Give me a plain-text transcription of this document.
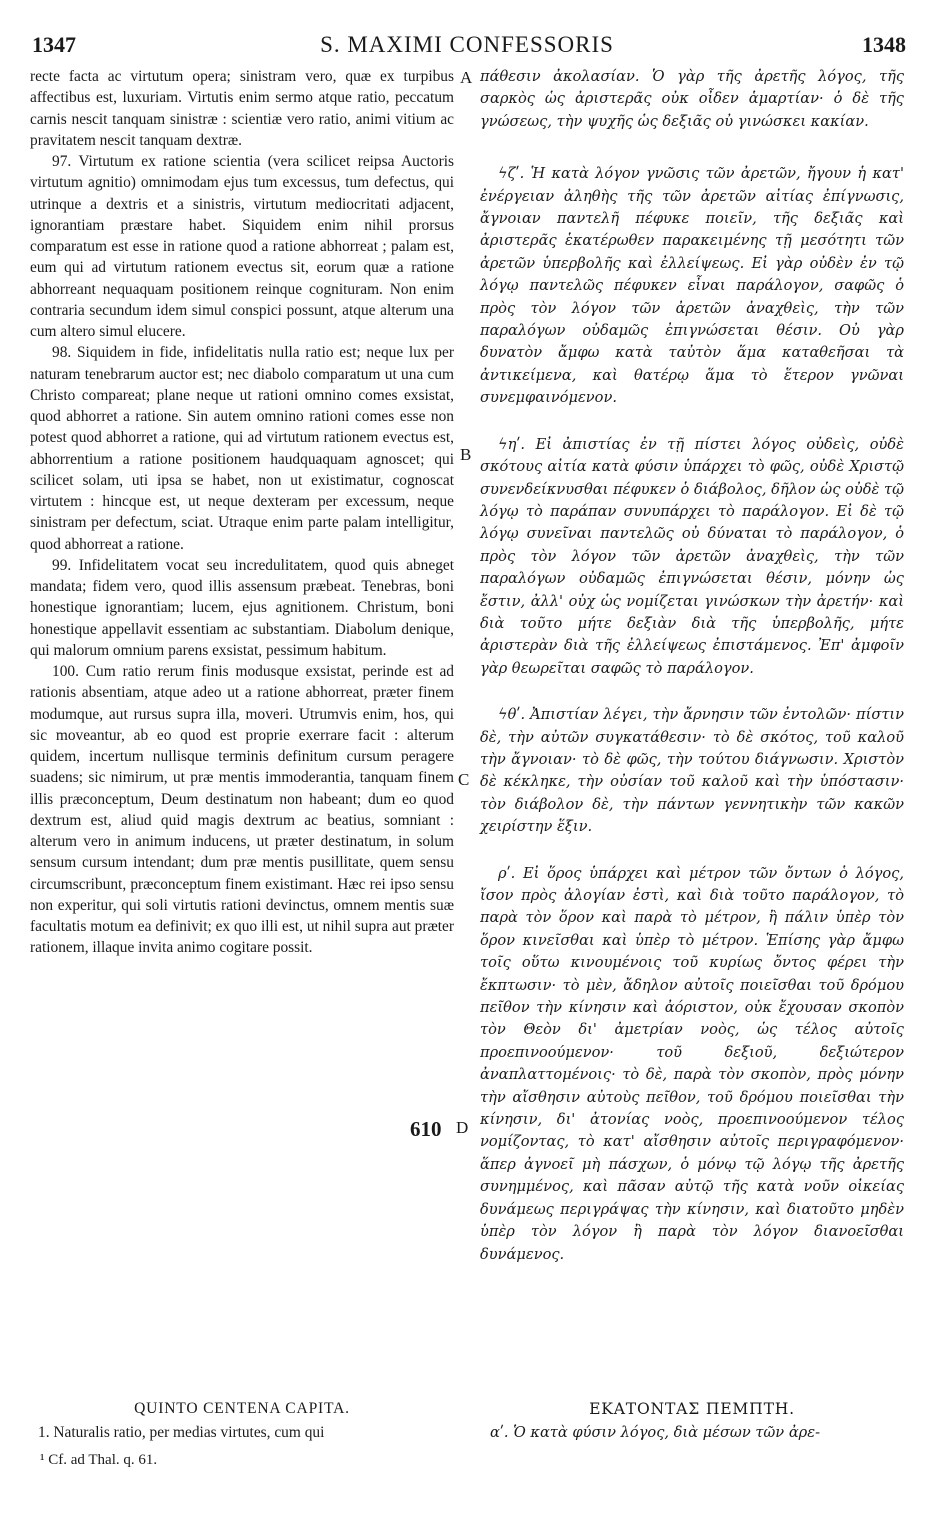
1347	S. MAXIMI CONFESSORIS	1348

recte facta ac virtutum opera; sinistram vero, quæ ex turpibus affectibus est, luxuriam. Virtutis enim sermo atque ratio, peccatum carnis nescit tanquam sinistræ : scientiæ vero ratio, animi vitium ac pravitatem nescit tanquam dextræ.

97. Virtutum ex ratione scientia (vera scilicet reipsa Auctoris virtutum agnitio) omnimodam ejus tum excessus, tum defectus, qui utrinque a dextris et a sinistris, virtutum mediocritati adjacent, ignorantiam præstare habet. Siquidem enim nihil prorsus comparatum est esse in ratione quod a ratione abhorreat ; palam est, eum qui ad virtutum rationem evectus sit, eorum quæ a ratione abhorreant nequaquam positionem reinque cognituram. Non enim contraria secundum idem simul conspici possunt, atque alterum una cum altero simul elucere.

98. Siquidem in fide, infidelitatis nulla ratio est; neque lux per naturam tenebrarum auctor est; nec diabolo comparatum ut una cum Christo compareat; plane neque ut rationi omnino comes exsistat, quod abhorret a ratione. Sin autem omnino rationi comes esse non potest quod abhorret a ratione, qui ad virtutum rationem evectus est, abhorrentium a ratione positionem haudquaquam agnoscet; qui scilicet solam, uti ipsa se habet, non ut existimatur, cognoscat virtutem : hincque est, ut neque dexteram per excessum, neque sinistram per defectum, sciat. Utraque enim parte palam intelligitur, quod abhorreat a ratione.

99. Infidelitatem vocat seu incredulitatem, quod quis abneget mandata; fidem vero, quod illis assensum præbeat. Tenebras, boni honestique ignorantiam; lucem, ejus agnitionem. Christum, boni honestique appellavit essentiam ac substantiam. Diabolum denique, qui malorum omnium parens exsistat, pessimum habitum.

100. Cum ratio rerum finis modusque exsistat, perinde est ad rationis absentiam, atque adeo ut a ratione abhorreat, præter finem modumque, aut rursus supra illa, moveri. Utrumvis enim, hos, qui sic moveantur, ab eo quod est proprie exerrare facit : alterum quidem, incertum nullisque terminis definitum cursum peragere suadens; sic nimirum, ut præ mentis immoderantia, tanquam finem illis præconceptum, Deum destinatum non habeant; dum eo quod dextrum est, aliud quid magis dextrum ac beatius, somniant : alterum vero in animum inducens, ut præter destinatum, in solum sensum cursum intendant; dum præ mentis pusillitate, quem sensu circumscribunt, præconceptum finem existimant. Hæc rei ipso sensu non experitur, qui soli virtutis rationi devinctus, omnem mentis suæ facultatis motum ea definivit; ex quo illi est, ut nihil supra aut præter rationem, illaque invita animo cogitare possit.

πάθεσιν ἀκολασίαν. Ὁ γὰρ τῆς ἀρετῆς λόγος, τῆς σαρκὸς ὡς ἀριστερᾶς οὐκ οἶδεν ἁμαρτίαν· ὁ δὲ τῆς γνώσεως, τὴν ψυχῆς ὡς δεξιᾶς οὐ γινώσκει κακίαν.

ϟζʹ. Ἡ κατὰ λόγον γνῶσις τῶν ἀρετῶν, ἤγουν ἡ κατ' ἐνέργειαν ἀληθὴς τῆς τῶν ἀρετῶν αἰτίας ἐπίγνωσις, ἄγνοιαν παντελῆ πέφυκε ποιεῖν, τῆς δεξιᾶς καὶ ἀριστερᾶς ἑκατέρωθεν παρακειμένης τῇ μεσότητι τῶν ἀρετῶν ὑπερβολῆς καὶ ἐλλείψεως. Εἰ γὰρ οὐδὲν ἐν τῷ λόγῳ παντελῶς πέφυκεν εἶναι παράλογον, σαφῶς ὁ πρὸς τὸν λόγον τῶν ἀρετῶν ἀναχθεὶς, τὴν τῶν παραλόγων οὐδαμῶς ἐπιγνώσεται θέσιν. Οὐ γὰρ δυνατὸν ἄμφω κατὰ ταὐτὸν ἅμα καταθεῆσαι τὰ ἀντικείμενα, καὶ θατέρῳ ἅμα τὸ ἕτερον γνῶναι συνεμφαινόμενον.

ϟηʹ. Εἰ ἀπιστίας ἐν τῇ πίστει λόγος οὐδεὶς, οὐδὲ σκότους αἰτία κατὰ φύσιν ὑπάρχει τὸ φῶς, οὐδὲ Χριστῷ συνενδείκνυσθαι πέφυκεν ὁ διάβολος, δῆλον ὡς οὐδὲ τῷ λόγῳ τὸ παράπαν συνυπάρχει τὸ παράλογον. Εἰ δὲ τῷ λόγῳ συνεῖναι παντελῶς οὐ δύναται τὸ παράλογον, ὁ πρὸς τὸν λόγον τῶν ἀρετῶν ἀναχθεὶς, τὴν τῶν παραλόγων οὐδαμῶς ἐπιγνώσεται θέσιν, μόνην ὡς ἔστιν, ἀλλ' οὐχ ὡς νομίζεται γινώσκων τὴν ἀρετήν· καὶ διὰ τοῦτο μήτε δεξιὰν διὰ τῆς ὑπερβολῆς, μήτε ἀριστερὰν διὰ τῆς ἐλλείψεως ἐπιστάμενος. Ἐπ' ἀμφοῖν γὰρ θεωρεῖται σαφῶς τὸ παράλογον.

ϟθʹ. Ἀπιστίαν λέγει, τὴν ἄρνησιν τῶν ἐντολῶν· πίστιν δὲ, τὴν αὐτῶν συγκατάθεσιν· τὸ δὲ σκότος, τοῦ καλοῦ τὴν ἄγνοιαν· τὸ δὲ φῶς, τὴν τούτου διάγνωσιν. Χριστὸν δὲ κέκληκε, τὴν οὐσίαν τοῦ καλοῦ καὶ τὴν ὑπόστασιν· τὸν διάβολον δὲ, τὴν πάντων γεννητικὴν τῶν κακῶν χειρίστην ἕξιν.

ρʹ. Εἰ ὅρος ὑπάρχει καὶ μέτρον τῶν ὄντων ὁ λόγος, ἴσον πρὸς ἀλογίαν ἐστὶ, καὶ διὰ τοῦτο παράλογον, τὸ παρὰ τὸν ὅρον καὶ παρὰ τὸ μέτρον, ἢ πάλιν ὑπὲρ τὸν ὅρον κινεῖσθαι καὶ ὑπὲρ τὸ μέτρον. Ἑπίσης γὰρ ἄμφω τοῖς οὕτω κινουμένοις τοῦ κυρίως ὄντος φέρει τὴν ἔκπτωσιν· τὸ μὲν, ἄδηλον αὐτοῖς ποιεῖσθαι τοῦ δρόμου πεῖθον τὴν κίνησιν καὶ ἀόριστον, οὐκ ἔχουσαν σκοπὸν τὸν Θεὸν δι' ἀμετρίαν νοὸς, ὡς τέλος αὐτοῖς προεπινοούμενον· τοῦ δεξιοῦ, δεξιώτερον ἀναπλαττομένοις· τὸ δὲ, παρὰ τὸν σκοπὸν, πρὸς μόνην τὴν αἴσθησιν αὐτοὺς πεῖθον, τοῦ δρόμου ποιεῖσθαι τὴν κίνησιν, δι' ἀτονίας νοὸς, προεπινοούμενον τέλος νομίζοντας, τὸ κατ' αἴσθησιν αὐτοῖς περιγραφόμενον· ἅπερ ἀγνοεῖ μὴ πάσχων, ὁ μόνῳ τῷ λόγῳ τῆς ἀρετῆς συνημμένος, καὶ πᾶσαν αὐτῷ τῆς κατὰ νοῦν οἰκείας δυνάμεως περιγράψας τὴν κίνησιν, καὶ διατοῦτο μηδὲν ὑπὲρ τὸν λόγον ἢ παρὰ τὸν λόγον διανοεῖσθαι δυνάμενος.

A
B
C
D
610
QUINTO CENTENA CAPITA.
1. Naturalis ratio, per medias virtutes, cum qui
¹ Cf. ad Thal. q. 61.
ΕΚΑΤΟΝΤΑΣ ΠΕΜΠΤΗ.
αʹ. Ὁ κατὰ φύσιν λόγος, διὰ μέσων τῶν ἀρε-
